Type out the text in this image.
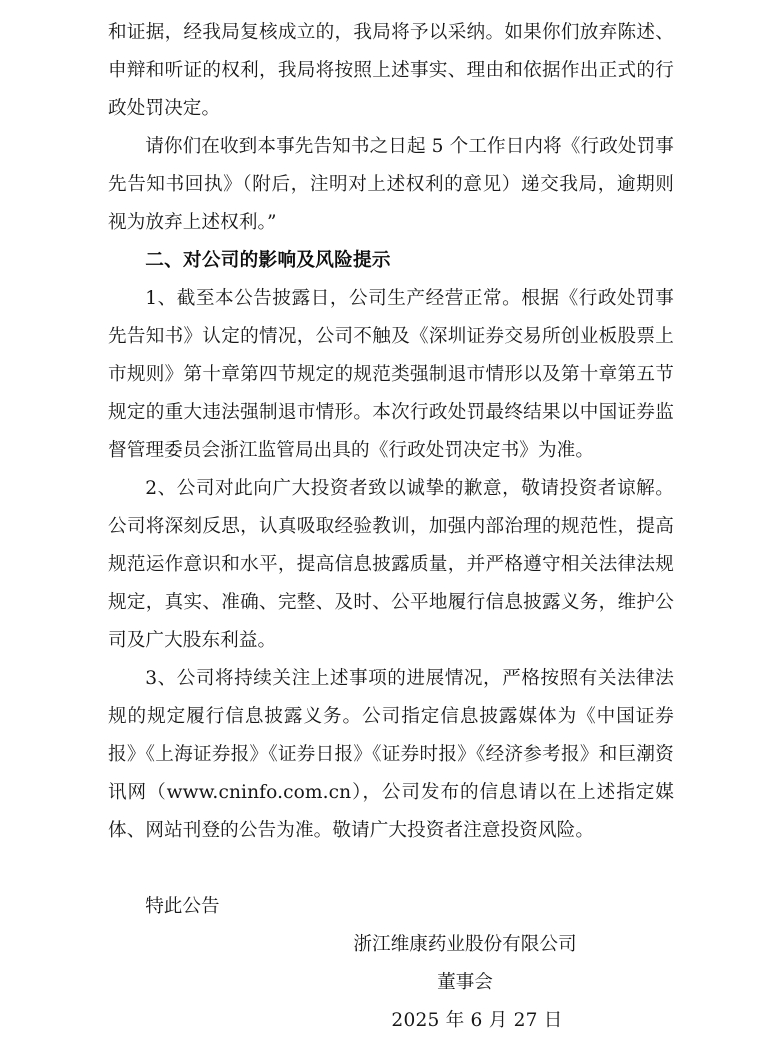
和证据，经我局复核成立的，我局将予以采纳。如果你们放弃陈述、申辩和听证的权利，我局将按照上述事实、理由和依据作出正式的行政处罚决定。

请你们在收到本事先告知书之日起 5 个工作日内将《行政处罚事先告知书回执》（附后，注明对上述权利的意见）递交我局，逾期则视为放弃上述权利。”

二、对公司的影响及风险提示

1、截至本公告披露日，公司生产经营正常。根据《行政处罚事先告知书》认定的情况，公司不触及《深圳证券交易所创业板股票上市规则》第十章第四节规定的规范类强制退市情形以及第十章第五节规定的重大违法强制退市情形。本次行政处罚最终结果以中国证券监督管理委员会浙江监管局出具的《行政处罚决定书》为准。

2、公司对此向广大投资者致以诚挚的歉意，敬请投资者谅解。公司将深刻反思，认真吸取经验教训，加强内部治理的规范性，提高规范运作意识和水平，提高信息披露质量，并严格遵守相关法律法规规定，真实、准确、完整、及时、公平地履行信息披露义务，维护公司及广大股东利益。

3、公司将持续关注上述事项的进展情况，严格按照有关法律法规的规定履行信息披露义务。公司指定信息披露媒体为《中国证券报》《上海证券报》《证券日报》《证券时报》《经济参考报》和巨潮资讯网（www.cninfo.com.cn），公司发布的信息请以在上述指定媒体、网站刊登的公告为准。敬请广大投资者注意投资风险。

特此公告

浙江维康药业股份有限公司

董事会

2025 年 6 月 27 日
